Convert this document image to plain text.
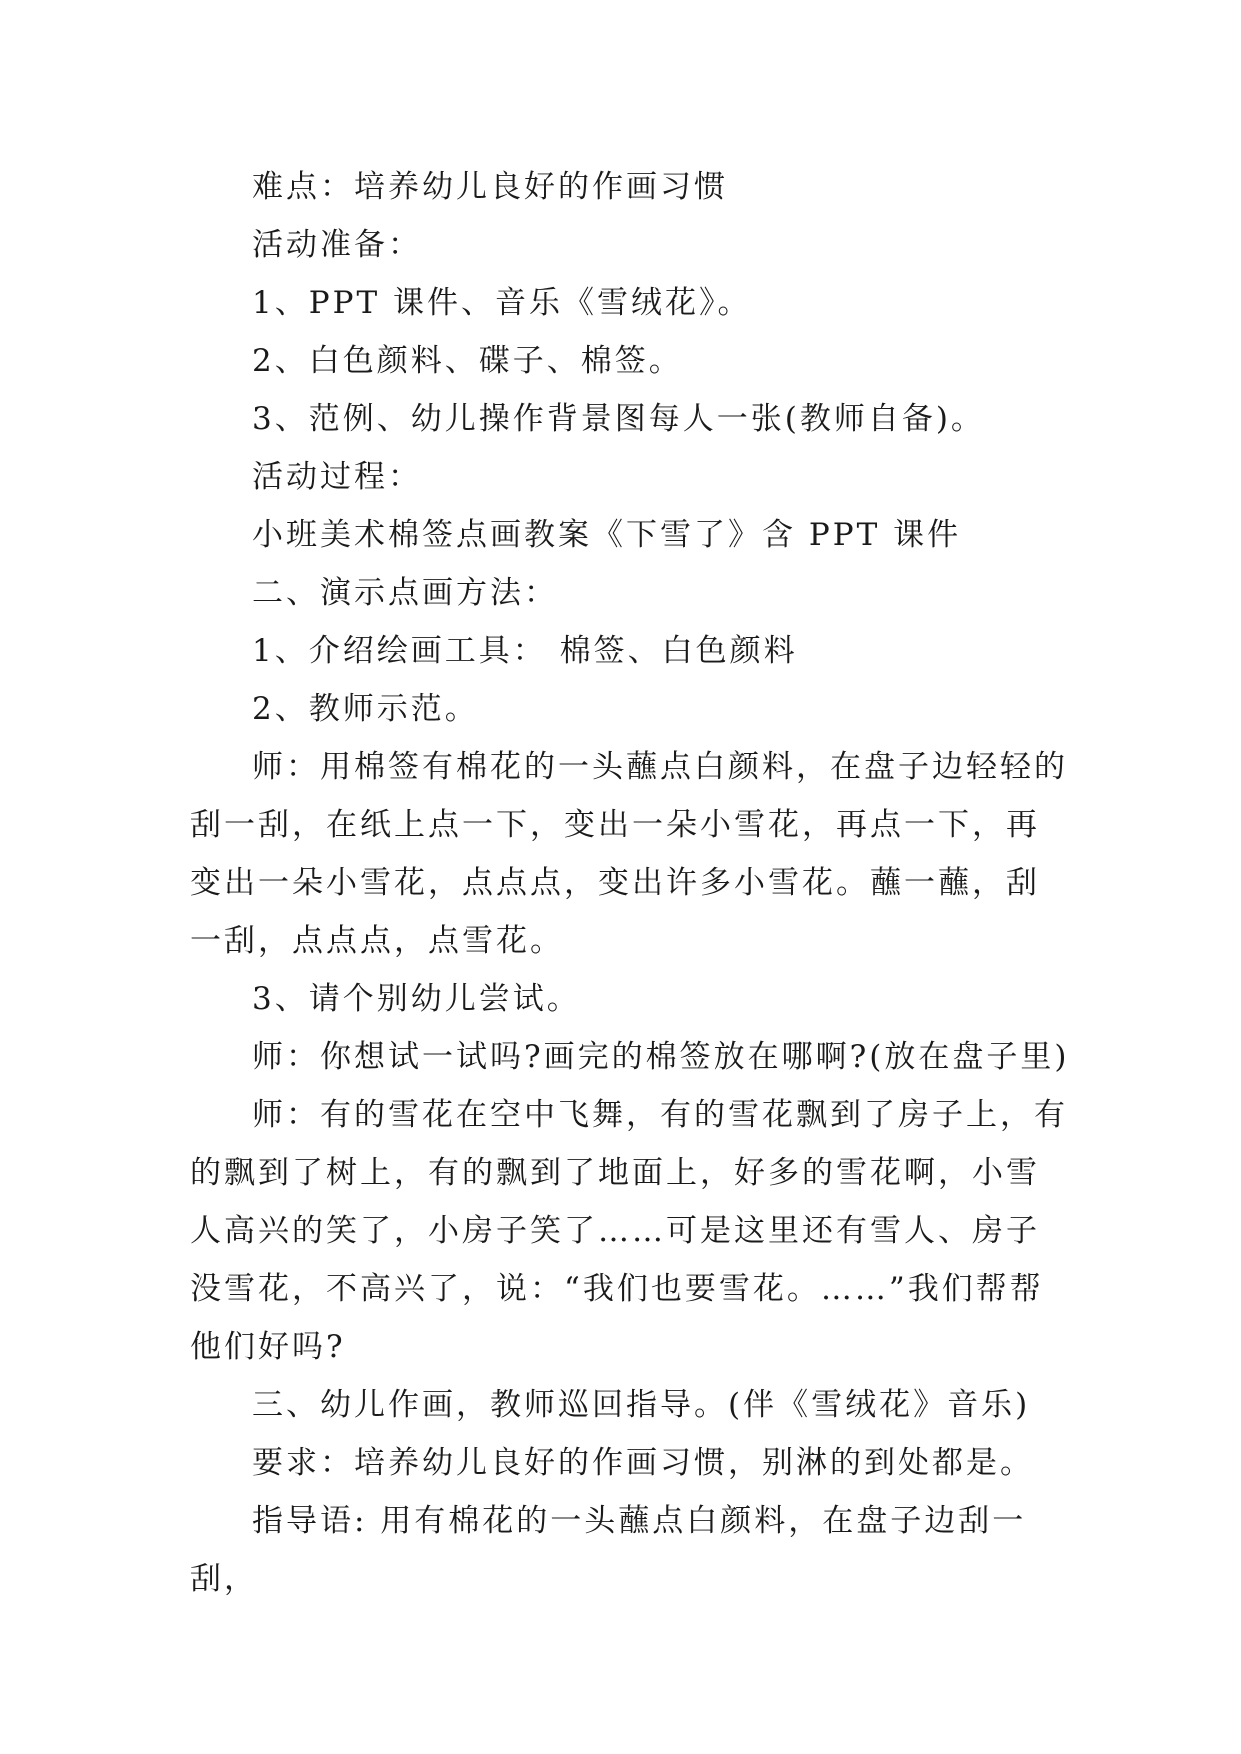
难点：培养幼儿良好的作画习惯

活动准备：

1、PPT 课件、音乐《雪绒花》。

2、白色颜料、碟子、棉签。

3、范例、幼儿操作背景图每人一张(教师自备)。

活动过程：

小班美术棉签点画教案《下雪了》含 PPT 课件

二、演示点画方法：

1、介绍绘画工具： 棉签、白色颜料

2、教师示范。

师：用棉签有棉花的一头蘸点白颜料，在盘子边轻轻的刮一刮，在纸上点一下，变出一朵小雪花，再点一下，再变出一朵小雪花，点点点，变出许多小雪花。蘸一蘸，刮一刮，点点点，点雪花。

3、请个别幼儿尝试。

师：你想试一试吗?画完的棉签放在哪啊?(放在盘子里)

师：有的雪花在空中飞舞，有的雪花飘到了房子上，有的飘到了树上，有的飘到了地面上，好多的雪花啊，小雪人高兴的笑了，小房子笑了……可是这里还有雪人、房子没雪花，不高兴了，说：“我们也要雪花。……”我们帮帮他们好吗?

三、幼儿作画，教师巡回指导。(伴《雪绒花》音乐)

要求：培养幼儿良好的作画习惯，别淋的到处都是。

指导语: 用有棉花的一头蘸点白颜料，在盘子边刮一刮，
